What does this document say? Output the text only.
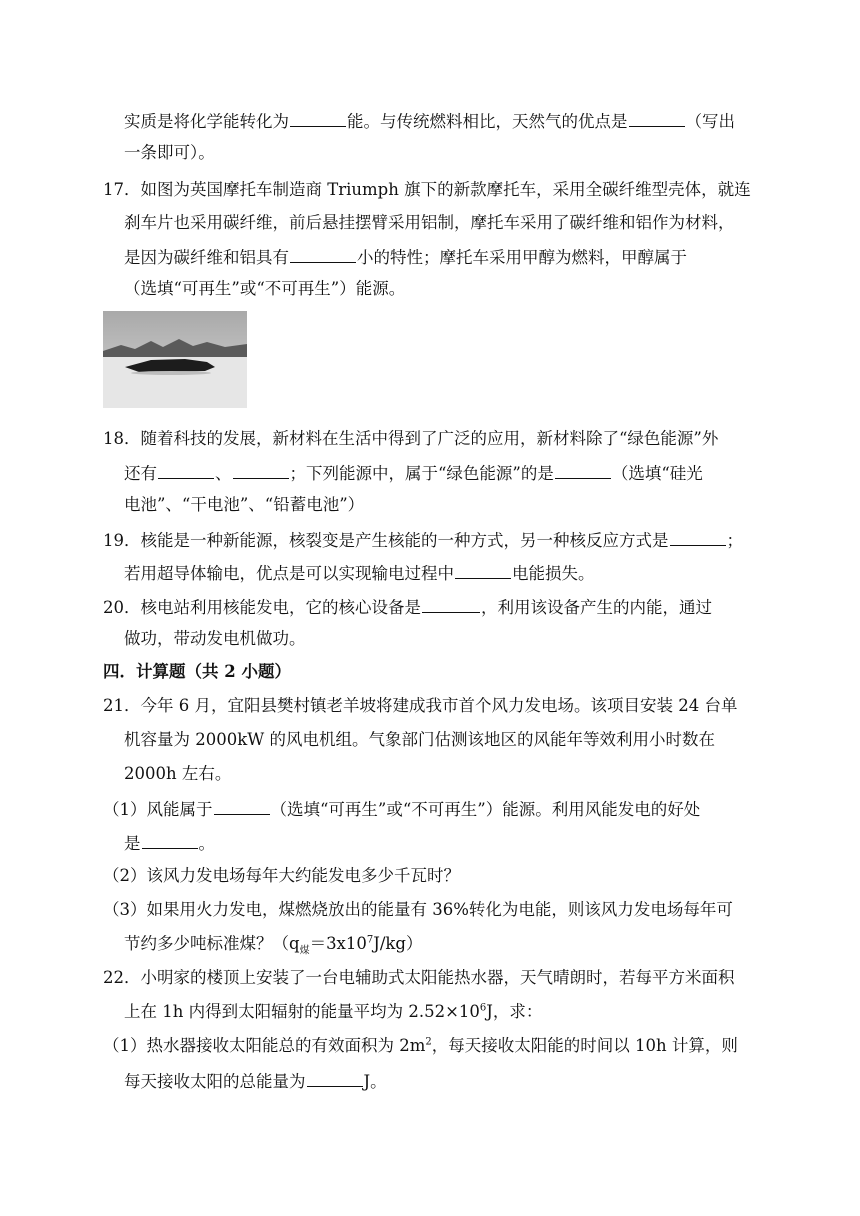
实质是将化学能转化为	能。与传统燃料相比，天然气的优点是	（写出
一条即可）。
17．如图为英国摩托车制造商 Triumph 旗下的新款摩托车，采用全碳纤维型壳体，就连
刹车片也采用碳纤维，前后悬挂摆臂采用铝制，摩托车采用了碳纤维和铝作为材料，
是因为碳纤维和铝具有	小的特性；摩托车采用甲醇为燃料，甲醇属于
（选填“可再生”或“不可再生”）能源。
18．随着科技的发展，新材料在生活中得到了广泛的应用，新材料除了“绿色能源”外
还有	、	；下列能源中，属于“绿色能源”的是	（选填“硅光
电池”、“干电池”、“铅蓄电池”）
19．核能是一种新能源，核裂变是产生核能的一种方式，另一种核反应方式是	；
若用超导体输电，优点是可以实现输电过程中	电能损失。
20．核电站利用核能发电，它的核心设备是	，利用该设备产生的内能，通过
做功，带动发电机做功。
四．计算题（共 2 小题）
21．今年 6 月，宜阳县樊村镇老羊坡将建成我市首个风力发电场。该项目安装 24 台单
机容量为 2000kW 的风电机组。气象部门估测该地区的风能年等效利用小时数在
2000h 左右。
（1）风能属于	（选填“可再生”或“不可再生”）能源。利用风能发电的好处
是	。
（2）该风力发电场每年大约能发电多少千瓦时？
（3）如果用火力发电，煤燃烧放出的能量有 36%转化为电能，则该风力发电场每年可
节约多少吨标准煤？$(q_煤=3x10^7J/kg)$
22．小明家的楼顶上安装了一台电辅助式太阳能热水器，天气晴朗时，若每平方米面积
上在 1h 内得到太阳辐射的能量平均为 $2.52\times 10^6J$，求：
（1）热水器接收太阳能总的有效面积为 $2m^2$，每天接收太阳能的时间以 10h 计算，则
每天接收太阳的总能量为	J。
